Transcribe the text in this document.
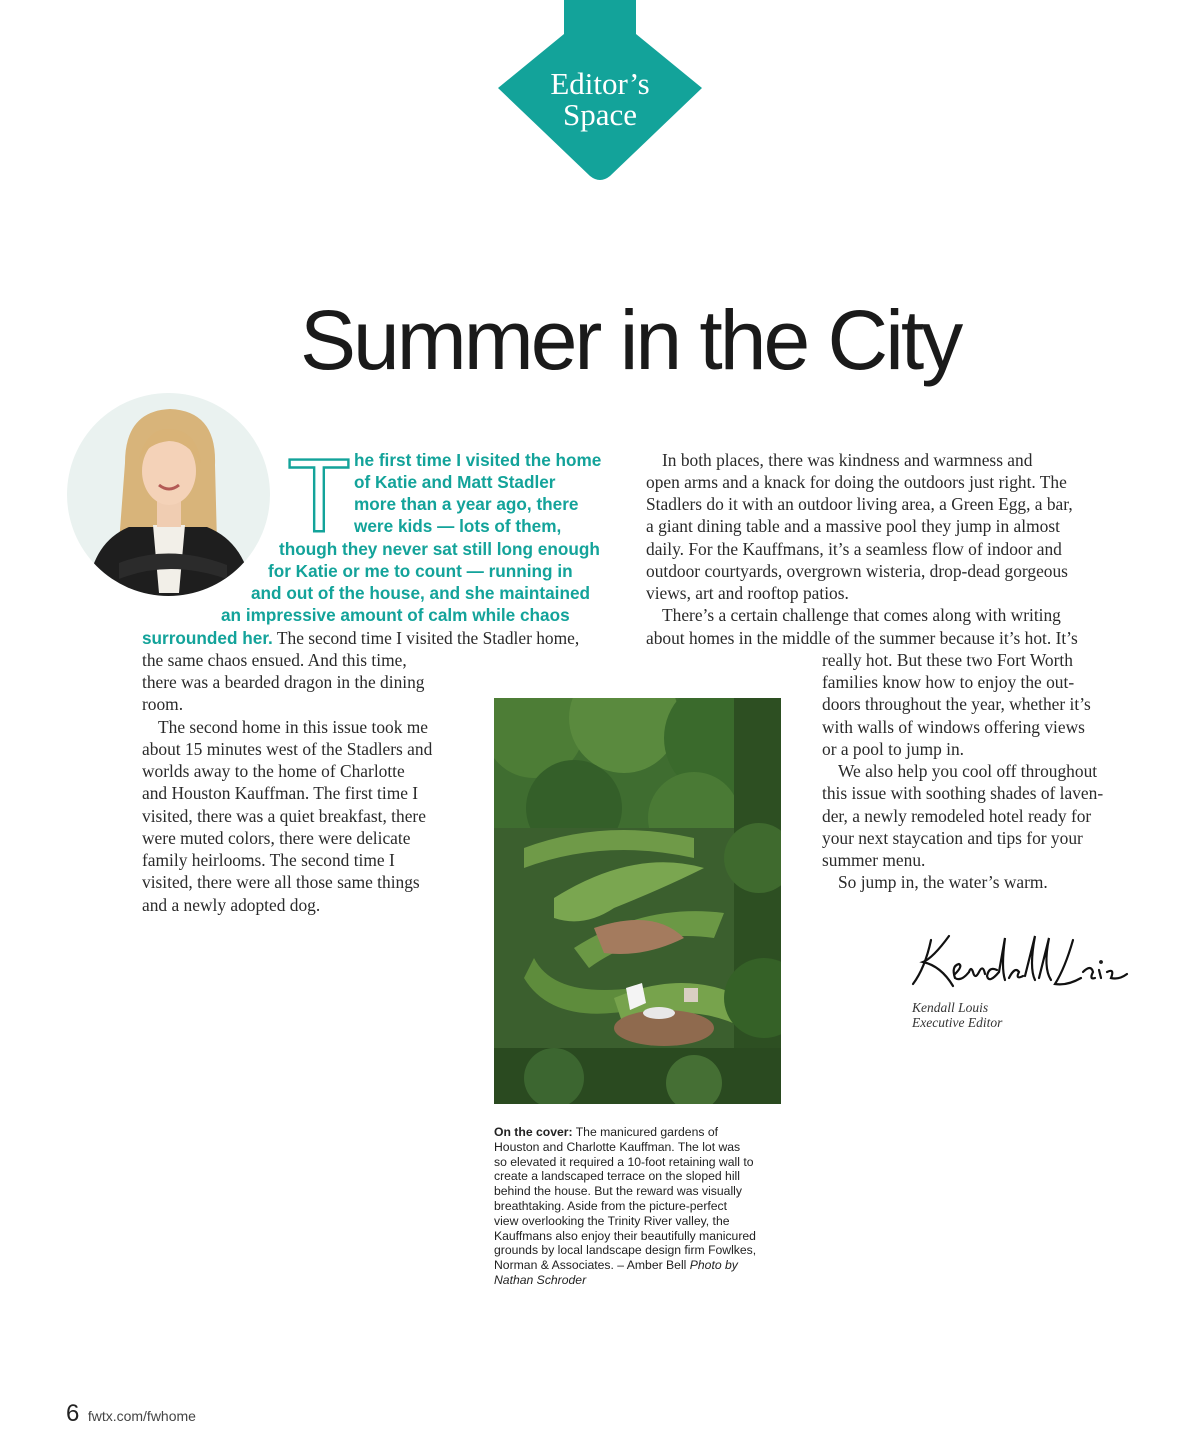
Editor’s
Space
Summer in the City
T he first time I visited the home
of Katie and Matt Stadler
more than a year ago, there
were kids — lots of them,
though they never sat still long enough
for Katie or me to count — running in
and out of the house, and she maintained
an impressive amount of calm while chaos
surrounded her. The second time I visited the Stadler home,
the same chaos ensued. And this time,
there was a bearded dragon in the dining
room.
The second home in this issue took me
about 15 minutes west of the Stadlers and
worlds away to the home of Charlotte
and Houston Kauffman. The first time I
visited, there was a quiet breakfast, there
were muted colors, there were delicate
family heirlooms. The second time I
visited, there were all those same things
and a newly adopted dog.
In both places, there was kindness and warmness and
open arms and a knack for doing the outdoors just right. The
Stadlers do it with an outdoor living area, a Green Egg, a bar,
a giant dining table and a massive pool they jump in almost
daily. For the Kauffmans, it’s a seamless flow of indoor and
outdoor courtyards, overgrown wisteria, drop-dead gorgeous
views, art and rooftop patios.
There’s a certain challenge that comes along with writing
about homes in the middle of the summer because it’s hot. It’s
really hot. But these two Fort Worth
families know how to enjoy the out-
doors throughout the year, whether it’s
with walls of windows offering views
or a pool to jump in.
We also help you cool off throughout
this issue with soothing shades of laven-
der, a newly remodeled hotel ready for
your next staycation and tips for your
summer menu.
So jump in, the water’s warm.
On the cover: The manicured gardens of
Houston and Charlotte Kauffman. The lot was
so elevated it required a 10-foot retaining wall to
create a landscaped terrace on the sloped hill
behind the house. But the reward was visually
breathtaking. Aside from the picture-perfect
view overlooking the Trinity River valley, the
Kauffmans also enjoy their beautifully manicured
grounds by local landscape design firm Fowlkes,
Norman & Associates. – Amber Bell Photo by
Nathan Schroder
Kendall Louis
Executive Editor
6 fwtx.com/fwhome
